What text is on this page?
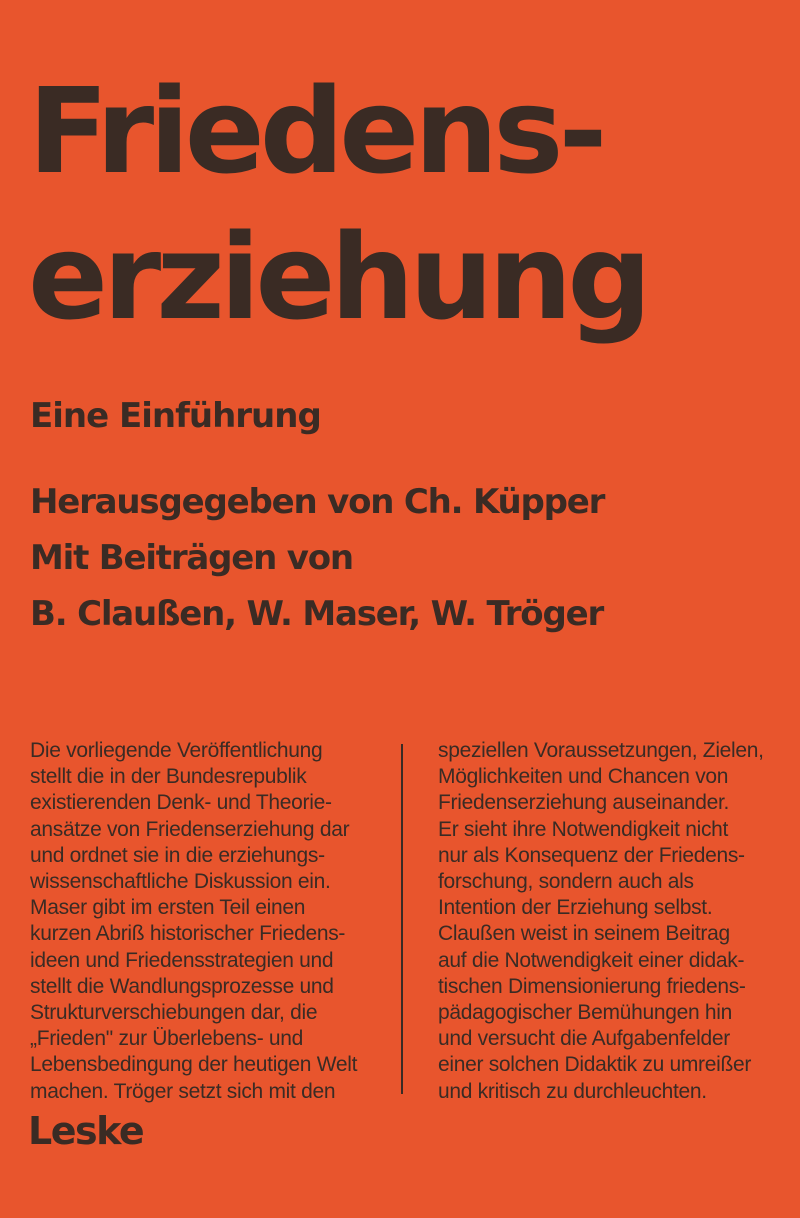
Friedens-
erziehung

Eine Einführung

Herausgegeben von Ch. Küpper

Mit Beiträgen von

B. Claußen, W. Maser, W. Tröger

Die vorliegende Veröffentlichung
stellt die in der Bundesrepublik
existierenden Denk- und Theorie-
ansätze von Friedenserziehung dar
und ordnet sie in die erziehungs-
wissenschaftliche Diskussion ein.
Maser gibt im ersten Teil einen
kurzen Abriß historischer Friedens-
ideen und Friedensstrategien und
stellt die Wandlungsprozesse und
Strukturverschiebungen dar, die
„Frieden" zur Überlebens- und
Lebensbedingung der heutigen Welt
machen. Tröger setzt sich mit den
speziellen Voraussetzungen, Zielen,
Möglichkeiten und Chancen von
Friedenserziehung auseinander.
Er sieht ihre Notwendigkeit nicht
nur als Konsequenz der Friedens-
forschung, sondern auch als
Intention der Erziehung selbst.
Claußen weist in seinem Beitrag
auf die Notwendigkeit einer didak-
tischen Dimensionierung friedens-
pädagogischer Bemühungen hin
und versucht die Aufgabenfelder
einer solchen Didaktik zu umreißer
und kritisch zu durchleuchten.

Leske
